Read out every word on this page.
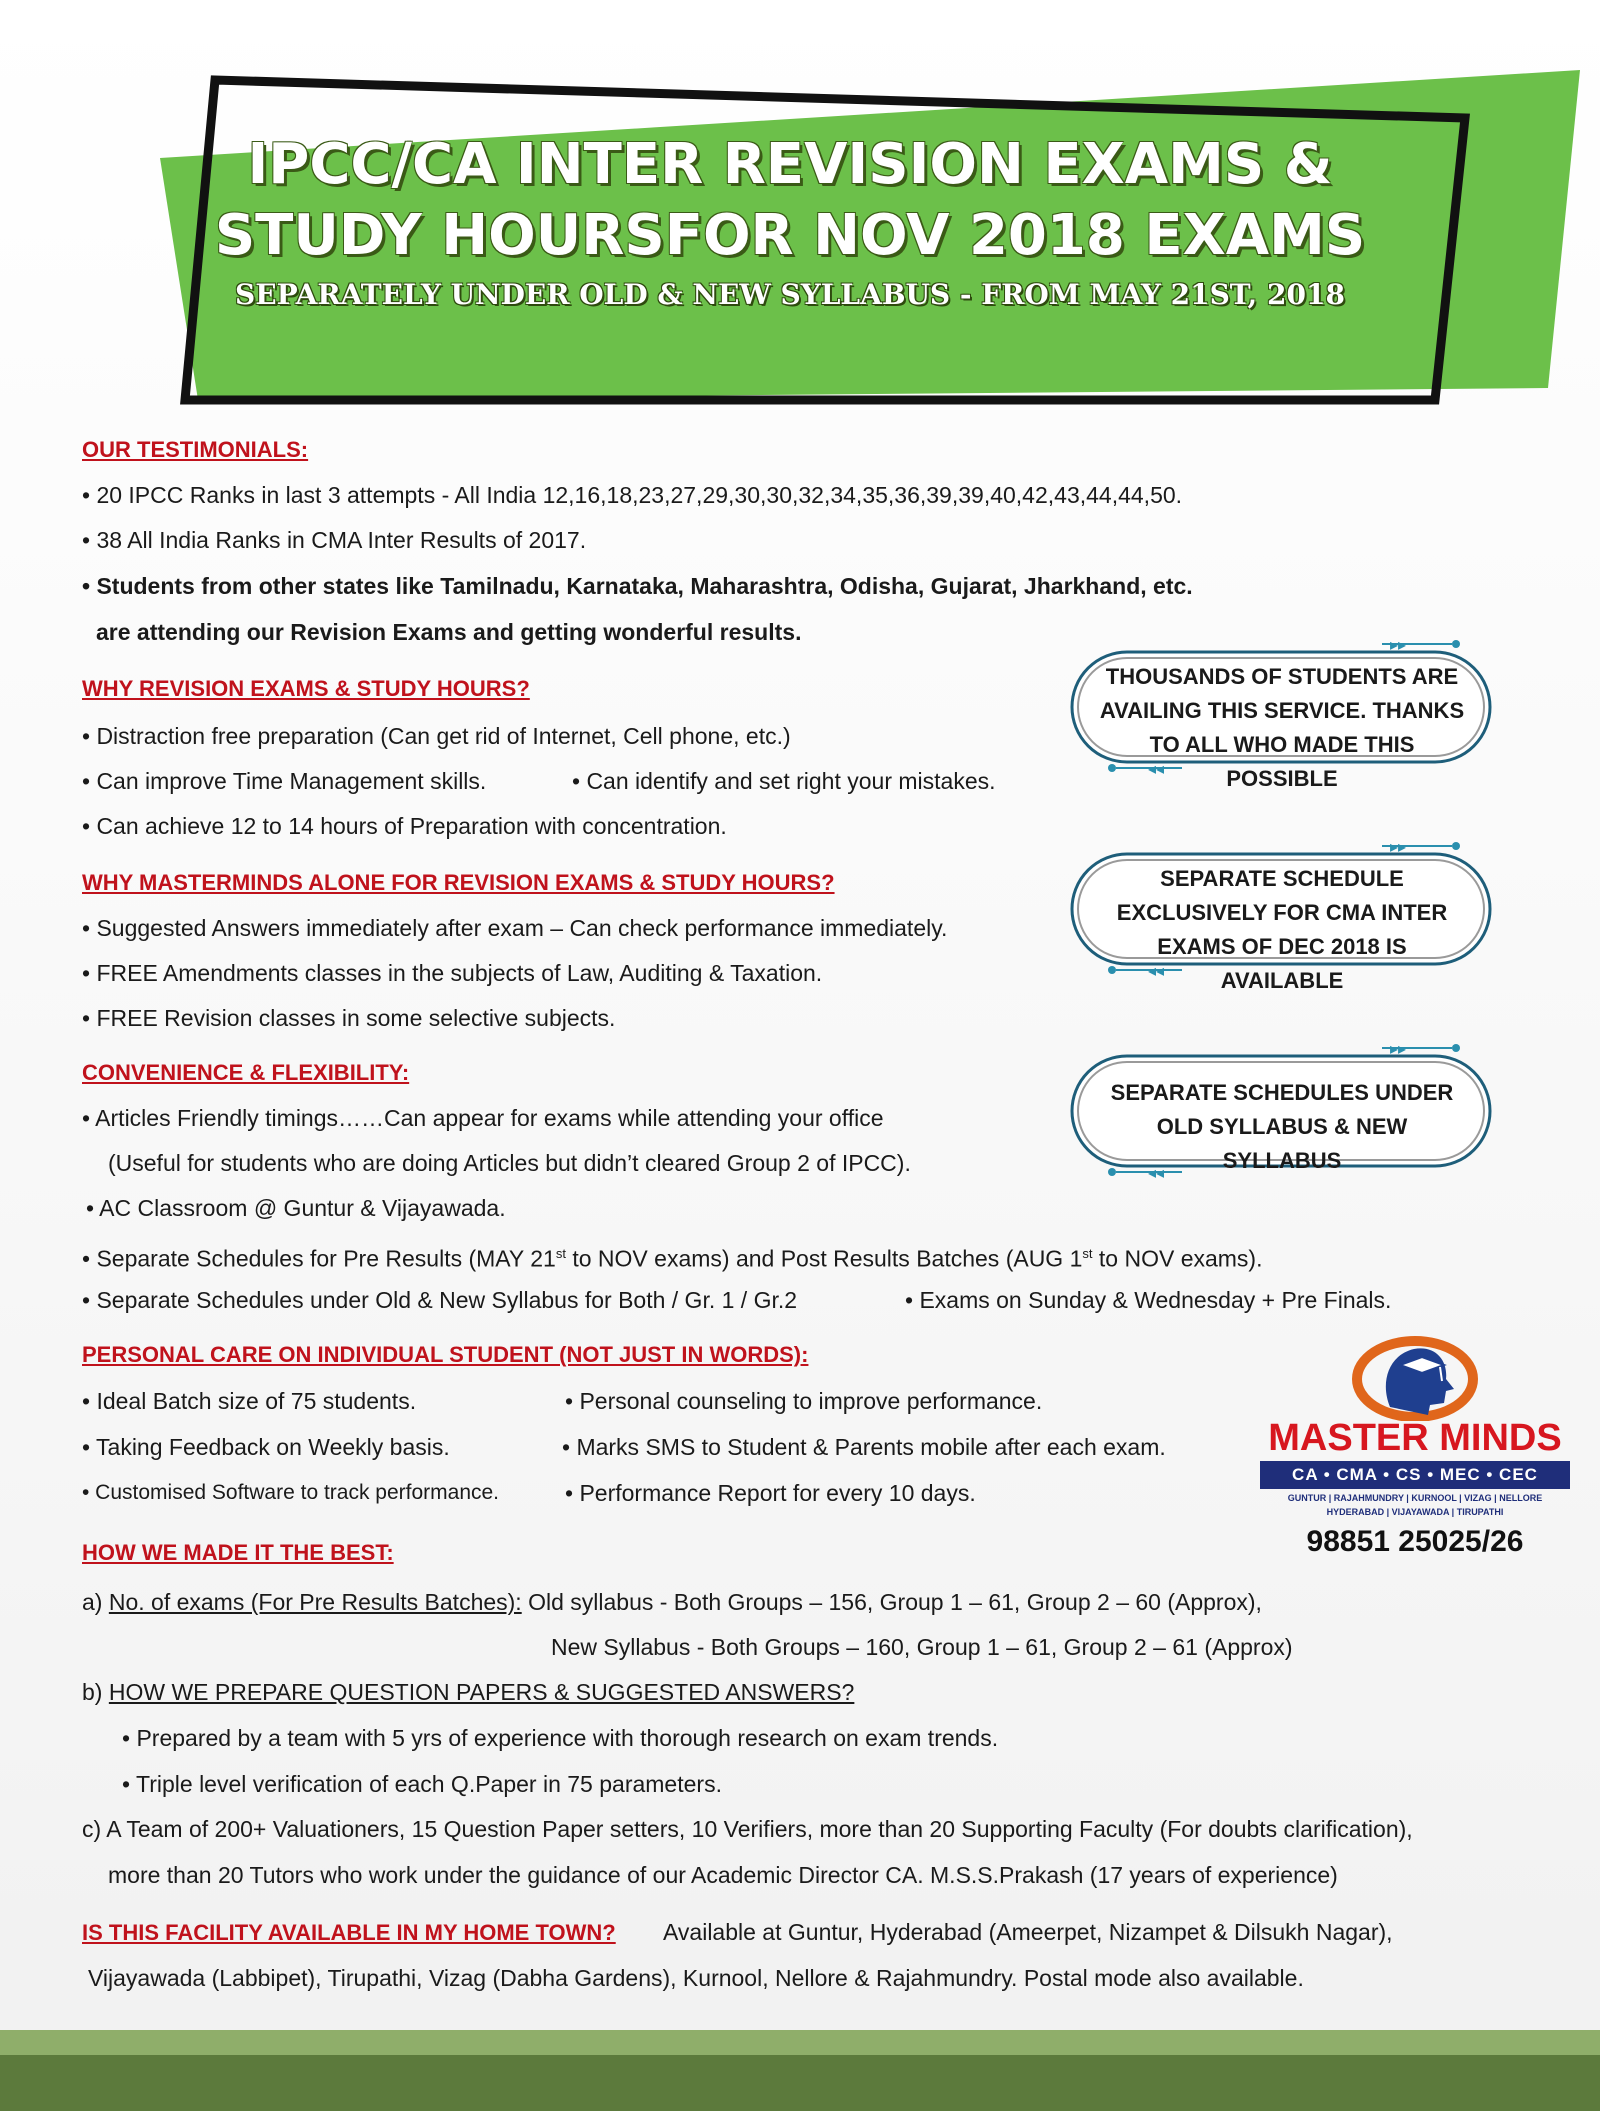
IPCC/CA INTER REVISION EXAMS &
STUDY HOURSFOR NOV 2018 EXAMS
SEPARATELY UNDER OLD & NEW SYLLABUS - FROM MAY 21ST, 2018
OUR TESTIMONIALS:
• 20 IPCC Ranks in last 3 attempts - All India 12,16,18,23,27,29,30,30,32,34,35,36,39,39,40,42,43,44,44,50.
• 38 All India Ranks in CMA Inter Results of 2017.
• Students from other states like Tamilnadu, Karnataka, Maharashtra, Odisha, Gujarat, Jharkhand, etc.
are attending our Revision Exams and getting wonderful results.
WHY REVISION EXAMS & STUDY HOURS?
• Distraction free preparation (Can get rid of Internet, Cell phone, etc.)
• Can improve Time Management skills.	• Can identify and set right your mistakes.
• Can achieve 12 to 14 hours of Preparation with concentration.
WHY MASTERMINDS ALONE FOR REVISION EXAMS & STUDY HOURS?
• Suggested Answers immediately after exam – Can check performance immediately.
• FREE Amendments classes in the subjects of Law, Auditing & Taxation.
• FREE Revision classes in some selective subjects.
CONVENIENCE & FLEXIBILITY:
• Articles Friendly timings……Can appear for exams while attending your office
(Useful for students who are doing Articles but didn’t cleared Group 2 of IPCC).
• AC Classroom @ Guntur & Vijayawada.
• Separate Schedules for Pre Results (MAY 21st to NOV exams) and Post Results Batches (AUG 1st to NOV exams).
• Separate Schedules under Old & New Syllabus for Both / Gr. 1 / Gr.2	• Exams on Sunday & Wednesday + Pre Finals.
PERSONAL CARE ON INDIVIDUAL STUDENT (NOT JUST IN WORDS):
• Ideal Batch size of 75 students.
• Taking Feedback on Weekly basis.
• Customised Software to track performance.
• Personal counseling to improve performance.
• Marks SMS to Student & Parents mobile after each exam.
• Performance Report for every 10 days.
HOW WE MADE IT THE BEST:
a) No. of exams (For Pre Results Batches): Old syllabus - Both Groups – 156, Group 1 – 61, Group 2 – 60 (Approx),
New Syllabus - Both Groups – 160, Group 1 – 61, Group 2 – 61 (Approx)
b) HOW WE PREPARE QUESTION PAPERS & SUGGESTED ANSWERS?
• Prepared by a team with 5 yrs of experience with thorough research on exam trends.
• Triple level verification of each Q.Paper in 75 parameters.
c) A Team of 200+ Valuationers, 15 Question Paper setters, 10 Verifiers, more than 20 Supporting Faculty (For doubts clarification),
more than 20 Tutors who work under the guidance of our Academic Director CA. M.S.S.Prakash (17 years of experience)
IS THIS FACILITY AVAILABLE IN MY HOME TOWN? Available at Guntur, Hyderabad (Ameerpet, Nizampet & Dilsukh Nagar),
Vijayawada (Labbipet), Tirupathi, Vizag (Dabha Gardens), Kurnool, Nellore & Rajahmundry. Postal mode also available.
▸▸
◂◂
THOUSANDS OF STUDENTS ARE
AVAILING THIS SERVICE. THANKS
TO ALL WHO MADE THIS POSSIBLE
▸▸
◂◂
SEPARATE SCHEDULE
EXCLUSIVELY FOR CMA INTER
EXAMS OF DEC 2018 IS AVAILABLE
▸▸
◂◂
SEPARATE SCHEDULES UNDER
OLD SYLLABUS & NEW SYLLABUS
MASTER MINDS
CA • CMA • CS • MEC • CEC
GUNTUR | RAJAHMUNDRY | KURNOOL | VIZAG | NELLORE
HYDERABAD | VIJAYAWADA | TIRUPATHI
98851 25025/26
